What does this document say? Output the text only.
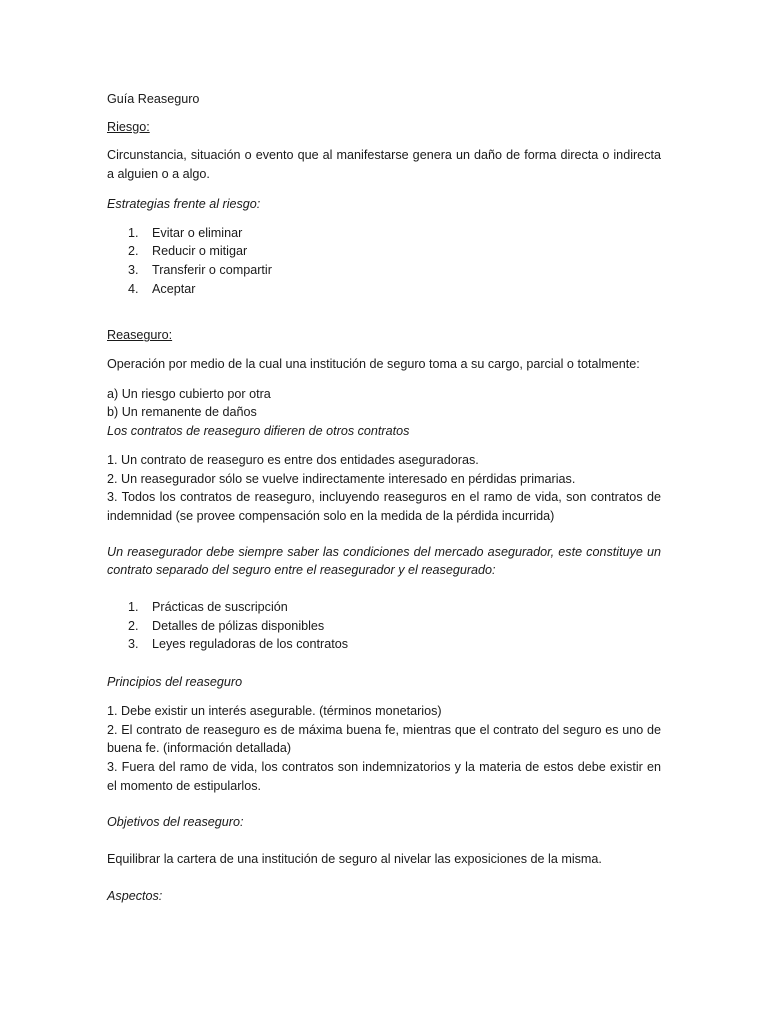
Guía Reaseguro

Riesgo:

Circunstancia, situación o evento que al manifestarse genera un daño de forma directa o indirecta a alguien o a algo.

Estrategias frente al riesgo:

1. Evitar o eliminar
2. Reducir o mitigar
3. Transferir o compartir
4. Aceptar

Reaseguro:

Operación por medio de la cual una institución de seguro toma a su cargo, parcial o totalmente:

a) Un riesgo cubierto por otra

b) Un remanente de daños

Los contratos de reaseguro difieren de otros contratos

1. Un contrato de reaseguro es entre dos entidades aseguradoras.

2. Un reasegurador sólo se vuelve indirectamente interesado en pérdidas primarias.

3. Todos los contratos de reaseguro, incluyendo reaseguros en el ramo de vida, son contratos de indemnidad (se provee compensación solo en la medida de la pérdida incurrida)

Un reasegurador debe siempre saber las condiciones del mercado asegurador, este constituye un contrato separado del seguro entre el reasegurador y el reasegurado:

1. Prácticas de suscripción
2. Detalles de pólizas disponibles
3. Leyes reguladoras de los contratos

Principios del reaseguro

1. Debe existir un interés asegurable. (términos monetarios)

2. El contrato de reaseguro es de máxima buena fe, mientras que el contrato del seguro es uno de buena fe. (información detallada)

3. Fuera del ramo de vida, los contratos son indemnizatorios y la materia de estos debe existir en el momento de estipularlos.

Objetivos del reaseguro:

Equilibrar la cartera de una institución de seguro al nivelar las exposiciones de la misma.

Aspectos:
